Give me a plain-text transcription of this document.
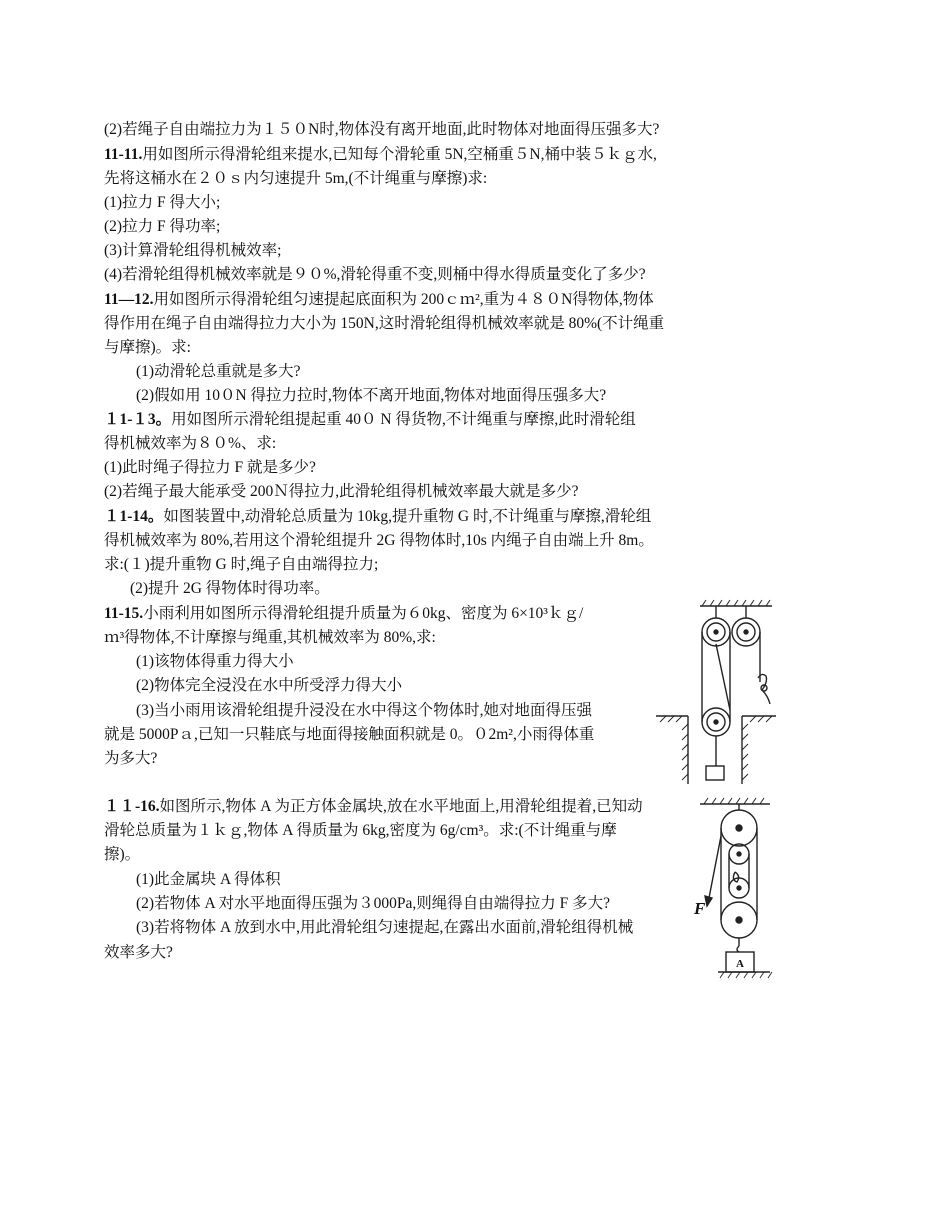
(2)若绳子自由端拉力为１５０N时,物体没有离开地面,此时物体对地面得压强多大?
11-11.用如图所示得滑轮组来提水,已知每个滑轮重 5N,空桶重５N,桶中装５ｋｇ水,
先将这桶水在２０ｓ内匀速提升 5m,(不计绳重与摩擦)求:
(1)拉力 F 得大小;
(2)拉力 F 得功率;
(3)计算滑轮组得机械效率;
(4)若滑轮组得机械效率就是９０%,滑轮得重不变,则桶中得水得质量变化了多少?
11—12.用如图所示得滑轮组匀速提起底面积为 200ｃｍ²,重为４８０N得物体,物体
得作用在绳子自由端得拉力大小为 150N,这时滑轮组得机械效率就是 80%(不计绳重
与摩擦)。求:
(1)动滑轮总重就是多大?
(2)假如用 10０N 得拉力拉时,物体不离开地面,物体对地面得压强多大?
１1-１3。用如图所示滑轮组提起重 40０ N 得货物,不计绳重与摩擦,此时滑轮组
得机械效率为８０%、求:
(1)此时绳子得拉力 F 就是多少?
(2)若绳子最大能承受 200Ｎ得拉力,此滑轮组得机械效率最大就是多少?
１1-14。如图装置中,动滑轮总质量为 10kg,提升重物 G 时,不计绳重与摩擦,滑轮组
得机械效率为 80%,若用这个滑轮组提升 2G 得物体时,10s 内绳子自由端上升 8m。
求:(１)提升重物 G 时,绳子自由端得拉力;
(2)提升 2G 得物体时得功率。
11-15.小雨利用如图所示得滑轮组提升质量为６0kg、密度为 6×10³ｋｇ/
ｍ³得物体,不计摩擦与绳重,其机械效率为 80%,求:
(1)该物体得重力得大小
(2)物体完全浸没在水中所受浮力得大小
(3)当小雨用该滑轮组提升浸没在水中得这个物体时,她对地面得压强
就是 5000Pａ,已知一只鞋底与地面得接触面积就是 0。０2m²,小雨得体重
为多大?
１１-16.如图所示,物体 A 为正方体金属块,放在水平地面上,用滑轮组提着,已知动
滑轮总质量为１ｋｇ,物体 A 得质量为 6kg,密度为 6g/cm³。求:(不计绳重与摩
擦)。
(1)此金属块 A 得体积
(2)若物体 A 对水平地面得压强为３000Pa,则绳得自由端得拉力 F 多大?
(3)若将物体 A 放到水中,用此滑轮组匀速提起,在露出水面前,滑轮组得机械
效率多大?
F
A
